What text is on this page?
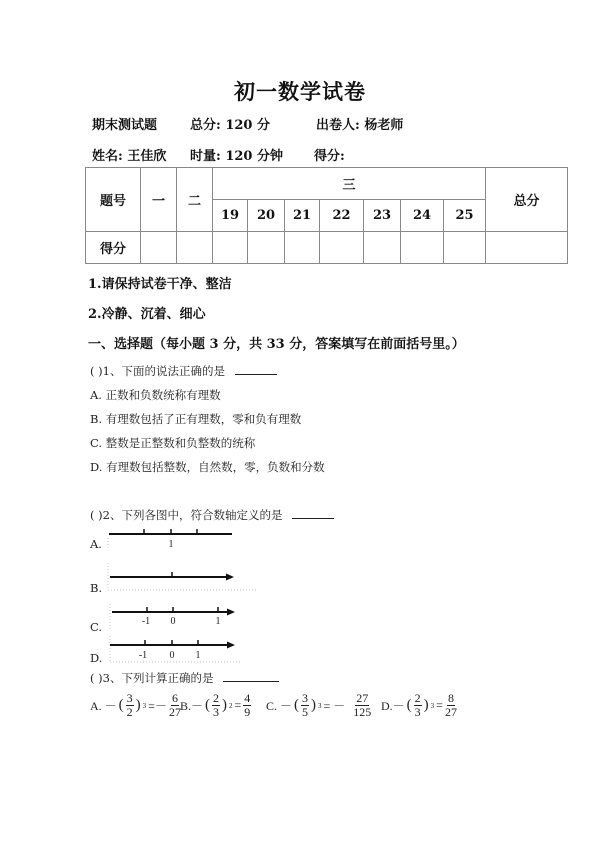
初一数学试卷
期末测试题	总分: 120 分	出卷人: 杨老师
姓名: 王佳欣 时量: 120 分钟 得分:
题号	一	二	三							总分
			19	20	21	22	23	24	25	
得分										
1.请保持试卷干净、整洁
2.冷静、沉着、细心
一、选择题（每小题 3 分，共 33 分，答案填写在前面括号里。）
( )1、下面的说法正确的是
A. 正数和负数统称有理数
B. 有理数包括了正有理数，零和负有理数
C. 整数是正整数和负整数的统称
D. 有理数包括整数，自然数，零，负数和分数
( )2、下列各图中，符合数轴定义的是
A.
B.
C.
D.
1
-1 0	1
-1 0 1
( )3、下列计算正确的是
A. － ( $\frac{3}{2}$ ) $3 =- \frac{6}{27} B.-$ ( $\frac{2}{3}$ ) $2 = \frac{4}{9} C$. － ( $\frac{3}{5}$ ) 3 = － $\frac{27}{125} D.-$ ( $\frac{2}{3}$ ) $3 = \frac{8}{27}$
